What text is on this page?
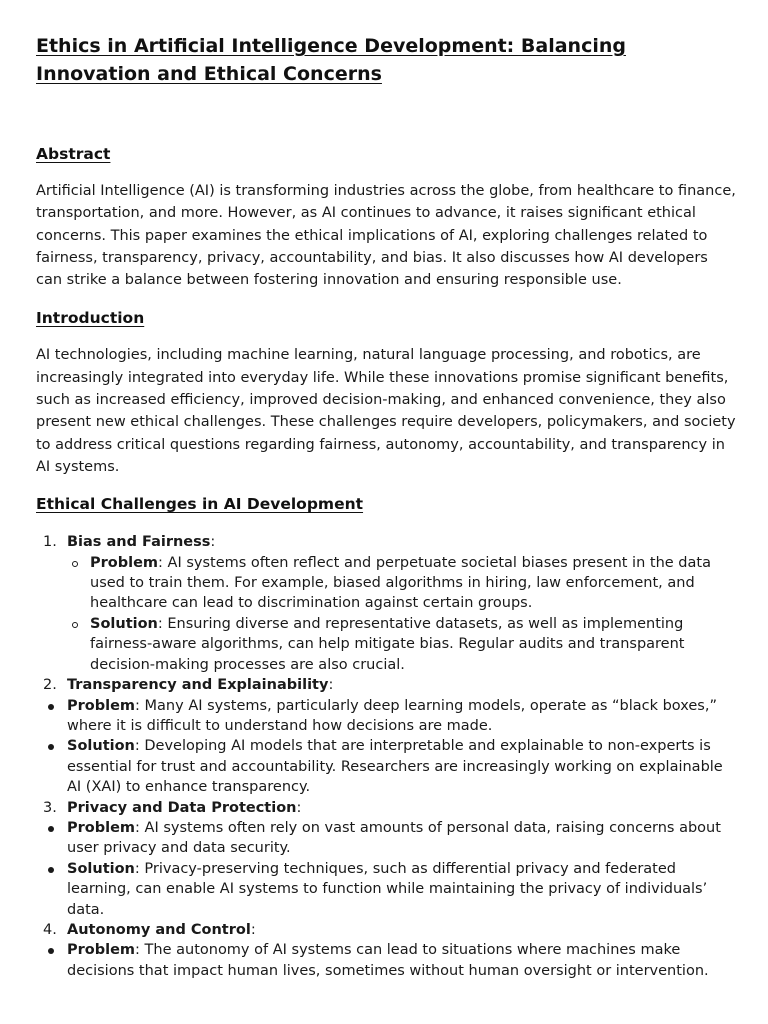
Ethics in Artificial Intelligence Development: Balancing Innovation and Ethical Concerns
Abstract

Artificial Intelligence (AI) is transforming industries across the globe, from healthcare to finance, transportation, and more. However, as AI continues to advance, it raises significant ethical concerns. This paper examines the ethical implications of AI, exploring challenges related to fairness, transparency, privacy, accountability, and bias. It also discusses how AI developers can strike a balance between fostering innovation and ensuring responsible use.

Introduction

AI technologies, including machine learning, natural language processing, and robotics, are increasingly integrated into everyday life. While these innovations promise significant benefits, such as increased efficiency, improved decision-making, and enhanced convenience, they also present new ethical challenges. These challenges require developers, policymakers, and society to address critical questions regarding fairness, autonomy, accountability, and transparency in AI systems.

Ethical Challenges in AI Development
1. Bias and Fairness:
Problem: AI systems often reflect and perpetuate societal biases present in the data used to train them. For example, biased algorithms in hiring, law enforcement, and healthcare can lead to discrimination against certain groups.
Solution: Ensuring diverse and representative datasets, as well as implementing fairness-aware algorithms, can help mitigate bias. Regular audits and transparent decision-making processes are also crucial.
2. Transparency and Explainability:
Problem: Many AI systems, particularly deep learning models, operate as “black boxes,” where it is difficult to understand how decisions are made.
Solution: Developing AI models that are interpretable and explainable to non-experts is essential for trust and accountability. Researchers are increasingly working on explainable AI (XAI) to enhance transparency.
3. Privacy and Data Protection:
Problem: AI systems often rely on vast amounts of personal data, raising concerns about user privacy and data security.
Solution: Privacy-preserving techniques, such as differential privacy and federated learning, can enable AI systems to function while maintaining the privacy of individuals’ data.
4. Autonomy and Control:
Problem: The autonomy of AI systems can lead to situations where machines make decisions that impact human lives, sometimes without human oversight or intervention.
